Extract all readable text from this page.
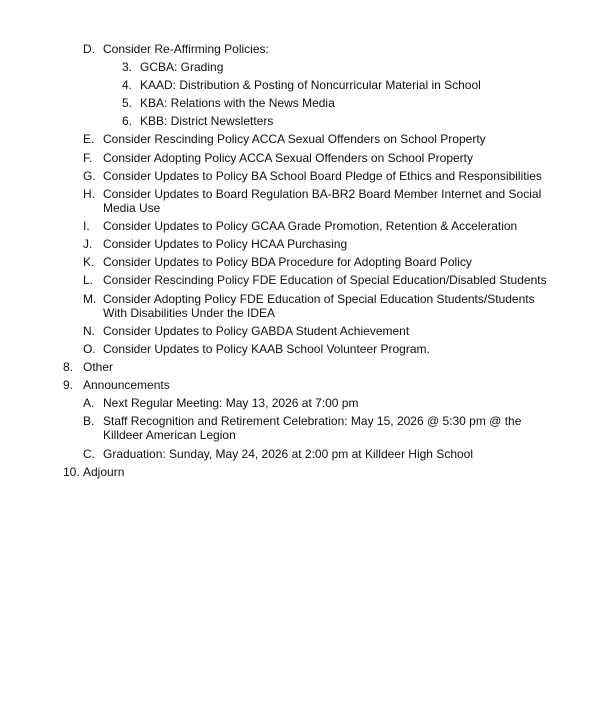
D. Consider Re-Affirming Policies:
3. GCBA: Grading
4. KAAD: Distribution & Posting of Noncurricular Material in School
5. KBA: Relations with the News Media
6. KBB: District Newsletters
E. Consider Rescinding Policy ACCA Sexual Offenders on School Property
F. Consider Adopting Policy ACCA Sexual Offenders on School Property
G. Consider Updates to Policy BA School Board Pledge of Ethics and Responsibilities
H. Consider Updates to Board Regulation BA-BR2 Board Member Internet and Social
Media Use
I. Consider Updates to Policy GCAA Grade Promotion, Retention & Acceleration
J. Consider Updates to Policy HCAA Purchasing
K. Consider Updates to Policy BDA Procedure for Adopting Board Policy
L. Consider Rescinding Policy FDE Education of Special Education/Disabled Students
M. Consider Adopting Policy FDE Education of Special Education Students/Students
With Disabilities Under the IDEA
N. Consider Updates to Policy GABDA Student Achievement
O. Consider Updates to Policy KAAB School Volunteer Program.
8. Other
9. Announcements
A. Next Regular Meeting: May 13, 2026 at 7:00 pm
B. Staff Recognition and Retirement Celebration: May 15, 2026 @ 5:30 pm @ the
Killdeer American Legion
C. Graduation: Sunday, May 24, 2026 at 2:00 pm at Killdeer High School
10. Adjourn
